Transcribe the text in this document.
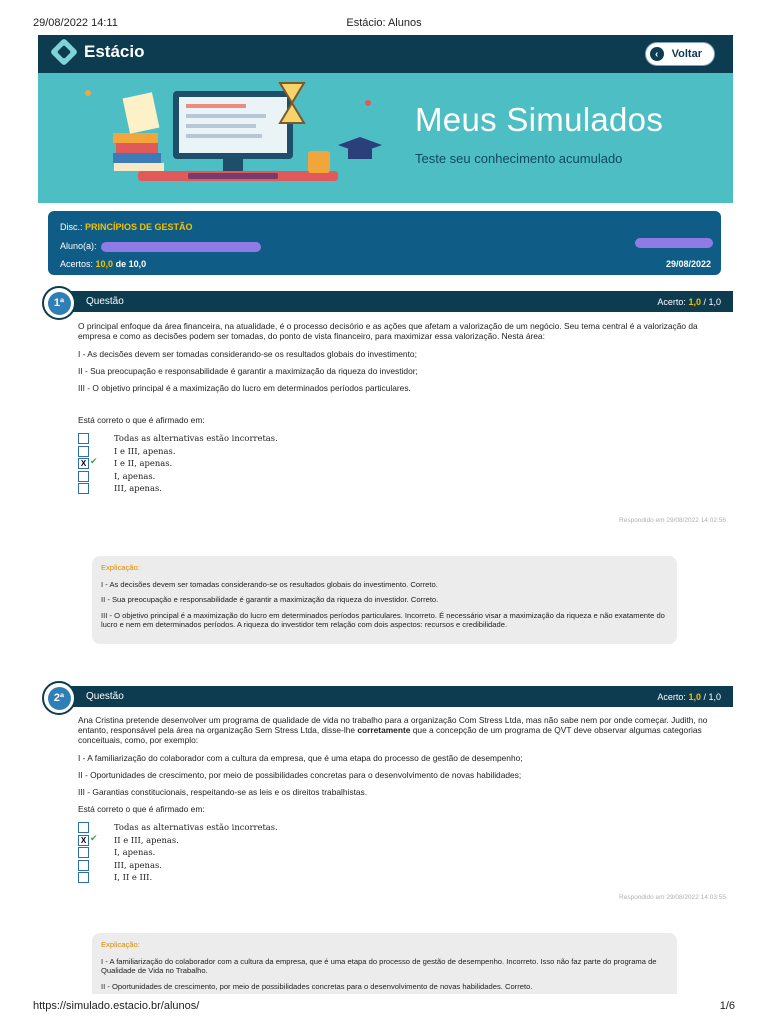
29/08/2022 14:11	Estácio: Alunos
Estácio	‹	Voltar
Meus Simulados
Teste seu conhecimento acumulado
Disc.: PRINCÍPIOS DE GESTÃO
Aluno(a):
Acertos: 10,0 de 10,0	29/08/2022
1ª	Questão	Acerto: 1,0 / 1,0

O principal enfoque da área financeira, na atualidade, é o processo decisório e as ações que afetam a valorização de um negócio. Seu tema central é a valorização da empresa e como as decisões podem ser tomadas, do ponto de vista financeiro, para maximizar essa valorização. Nesta área:

I - As decisões devem ser tomadas considerando-se os resultados globais do investimento;

II - Sua preocupação e responsabilidade é garantir a maximização da riqueza do investidor;

III - O objetivo principal é a maximização do lucro em determinados períodos particulares.

Está correto o que é afirmado em:

Todas as alternativas estão incorretas.
I e III, apenas.
X ✔ I e II, apenas.
I, apenas.
III, apenas.
Respondido em 29/08/2022 14:02:56

Explicação:

I - As decisões devem ser tomadas considerando-se os resultados globais do investimento. Correto.

II - Sua preocupação e responsabilidade é garantir a maximização da riqueza do investidor. Correto.

III - O objetivo principal é a maximização do lucro em determinados períodos particulares. Incorreto. É necessário visar a maximização da riqueza e não exatamente do lucro e nem em determinados períodos. A riqueza do investidor tem relação com dois aspectos: recursos e credibilidade.

2ª	Questão	Acerto: 1,0 / 1,0

Ana Cristina pretende desenvolver um programa de qualidade de vida no trabalho para a organização Com Stress Ltda, mas não sabe nem por onde começar. Judith, no entanto, responsável pela área na organização Sem Stress Ltda, disse-lhe corretamente que a concepção de um programa de QVT deve observar algumas categorias conceituais, como, por exemplo:

I - A familiarização do colaborador com a cultura da empresa, que é uma etapa do processo de gestão de desempenho;

II - Oportunidades de crescimento, por meio de possibilidades concretas para o desenvolvimento de novas habilidades;

III - Garantias constitucionais, respeitando-se as leis e os direitos trabalhistas.

Está correto o que é afirmado em:

Todas as alternativas estão incorretas.
X ✔ II e III, apenas.
I, apenas.
III, apenas.
I, II e III.
Respondido em 29/08/2022 14:03:55

Explicação:

I - A familiarização do colaborador com a cultura da empresa, que é uma etapa do processo de gestão de desempenho. Incorreto. Isso não faz parte do programa de Qualidade de Vida no Trabalho.

II - Oportunidades de crescimento, por meio de possibilidades concretas para o desenvolvimento de novas habilidades. Correto.

https://simulado.estacio.br/alunos/	1/6
